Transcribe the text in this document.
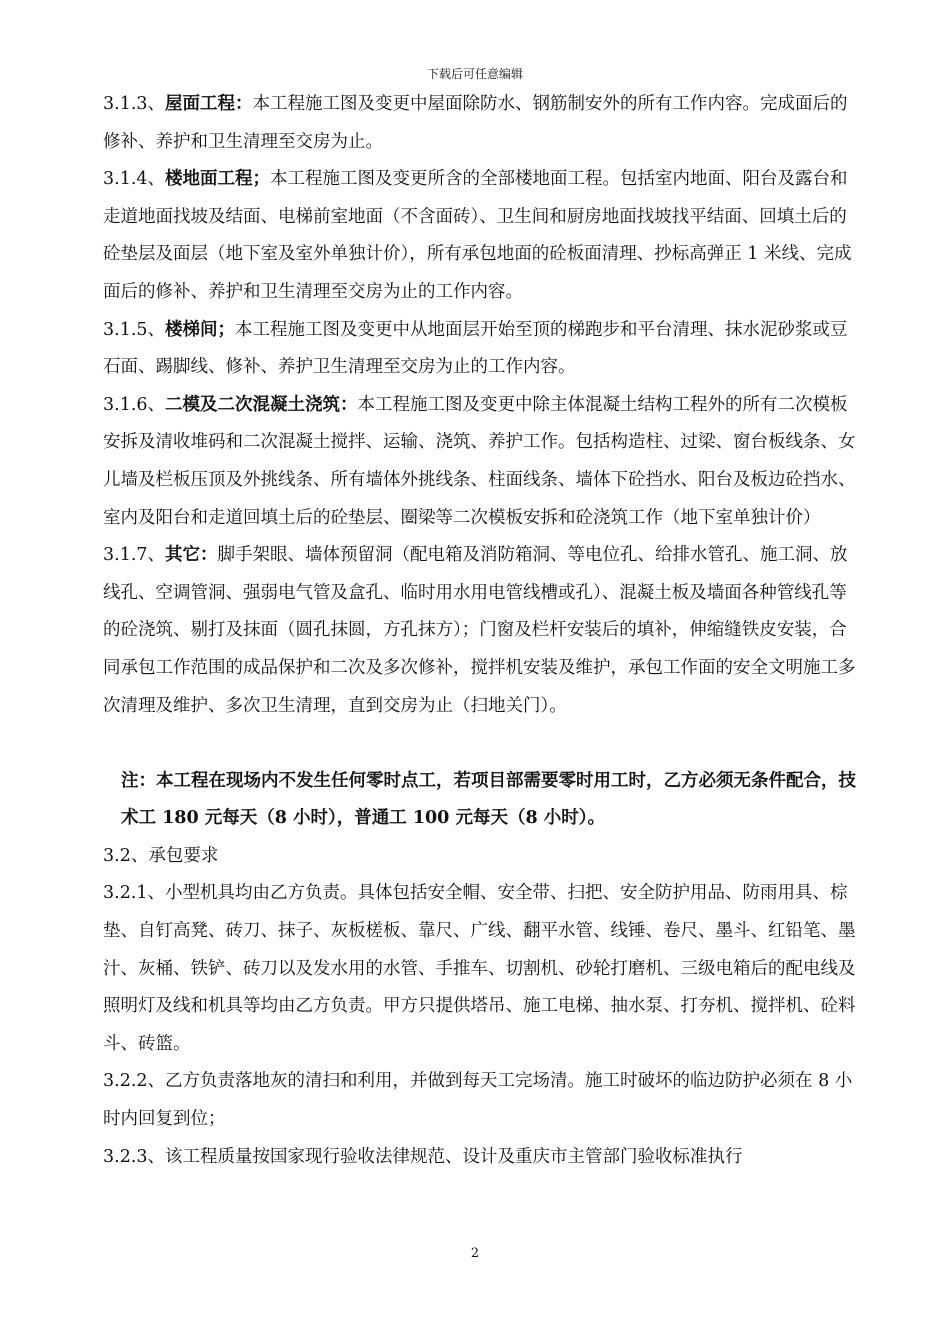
下载后可任意编辑

3.1.3、屋面工程：本工程施工图及变更中屋面除防水、钢筋制安外的所有工作内容。完成面后的修补、养护和卫生清理至交房为止。

3.1.4、楼地面工程；本工程施工图及变更所含的全部楼地面工程。包括室内地面、阳台及露台和走道地面找坡及结面、电梯前室地面（不含面砖）、卫生间和厨房地面找坡找平结面、回填土后的砼垫层及面层（地下室及室外单独计价），所有承包地面的砼板面清理、抄标高弹正 1 米线、完成面后的修补、养护和卫生清理至交房为止的工作内容。

3.1.5、楼梯间；本工程施工图及变更中从地面层开始至顶的梯跑步和平台清理、抹水泥砂浆或豆石面、踢脚线、修补、养护卫生清理至交房为止的工作内容。

3.1.6、二模及二次混凝土浇筑：本工程施工图及变更中除主体混凝土结构工程外的所有二次模板安拆及清收堆码和二次混凝土搅拌、运输、浇筑、养护工作。包括构造柱、过梁、窗台板线条、女儿墙及栏板压顶及外挑线条、所有墙体外挑线条、柱面线条、墙体下砼挡水、阳台及板边砼挡水、室内及阳台和走道回填土后的砼垫层、圈梁等二次模板安拆和砼浇筑工作（地下室单独计价）

3.1.7、其它：脚手架眼、墙体预留洞（配电箱及消防箱洞、等电位孔、给排水管孔、施工洞、放线孔、空调管洞、强弱电气管及盒孔、临时用水用电管线槽或孔）、混凝土板及墙面各种管线孔等的砼浇筑、剔打及抹面（圆孔抹圆，方孔抹方）；门窗及栏杆安装后的填补，伸缩缝铁皮安装，合同承包工作范围的成品保护和二次及多次修补，搅拌机安装及维护，承包工作面的安全文明施工多次清理及维护、多次卫生清理，直到交房为止（扫地关门）。

注：本工程在现场内不发生任何零时点工，若项目部需要零时用工时，乙方必须无条件配合，技术工 180 元每天（8 小时），普通工 100 元每天（8 小时）。

3.2、承包要求

3.2.1、小型机具均由乙方负责。具体包括安全帽、安全带、扫把、安全防护用品、防雨用具、棕垫、自钉高凳、砖刀、抹子、灰板槎板、靠尺、广线、翻平水管、线锤、卷尺、墨斗、红铅笔、墨汁、灰桶、铁铲、砖刀以及发水用的水管、手推车、切割机、砂轮打磨机、三级电箱后的配电线及照明灯及线和机具等均由乙方负责。甲方只提供塔吊、施工电梯、抽水泵、打夯机、搅拌机、砼料斗、砖篮。

3.2.2、乙方负责落地灰的清扫和利用，并做到每天工完场清。施工时破坏的临边防护必须在 8 小时内回复到位；

3.2.3、该工程质量按国家现行验收法律规范、设计及重庆市主管部门验收标准执行

2
